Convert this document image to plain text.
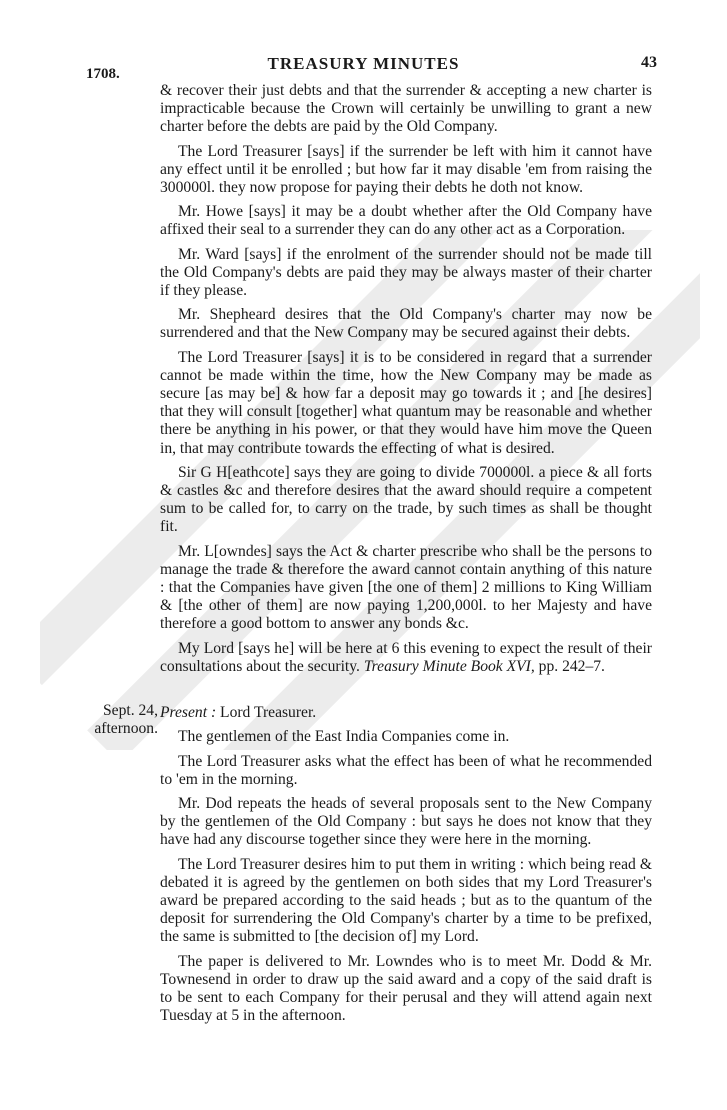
1708.
TREASURY MINUTES	43
Sept. 24,
afternoon.

& recover their just debts and that the surrender & accepting a new charter is impracticable because the Crown will certainly be unwilling to grant a new charter before the debts are paid by the Old Company.

The Lord Treasurer [says] if the surrender be left with him it cannot have any effect until it be enrolled ; but how far it may disable 'em from raising the 300000l. they now propose for paying their debts he doth not know.

Mr. Howe [says] it may be a doubt whether after the Old Company have affixed their seal to a surrender they can do any other act as a Corporation.

Mr. Ward [says] if the enrolment of the surrender should not be made till the Old Company's debts are paid they may be always master of their charter if they please.

Mr. Shepheard desires that the Old Company's charter may now be surrendered and that the New Company may be secured against their debts.

The Lord Treasurer [says] it is to be considered in regard that a surrender cannot be made within the time, how the New Company may be made as secure [as may be] & how far a deposit may go towards it ; and [he desires] that they will consult [together] what quantum may be reasonable and whether there be anything in his power, or that they would have him move the Queen in, that may contribute towards the effecting of what is desired.

Sir G H[eathcote] says they are going to divide 700000l. a piece & all forts & castles &c and therefore desires that the award should require a competent sum to be called for, to carry on the trade, by such times as shall be thought fit.

Mr. L[owndes] says the Act & charter prescribe who shall be the persons to manage the trade & therefore the award cannot contain anything of this nature : that the Companies have given [the one of them] 2 millions to King William & [the other of them] are now paying 1,200,000l. to her Majesty and have therefore a good bottom to answer any bonds &c.

My Lord [says he] will be here at 6 this evening to expect the result of their consultations about the security. Treasury Minute Book XVI, pp. 242–7.

Present : Lord Treasurer.

The gentlemen of the East India Companies come in.

The Lord Treasurer asks what the effect has been of what he recommended to 'em in the morning.

Mr. Dod repeats the heads of several proposals sent to the New Company by the gentlemen of the Old Company : but says he does not know that they have had any discourse together since they were here in the morning.

The Lord Treasurer desires him to put them in writing : which being read & debated it is agreed by the gentlemen on both sides that my Lord Treasurer's award be prepared according to the said heads ; but as to the quantum of the deposit for surrendering the Old Company's charter by a time to be prefixed, the same is submitted to [the decision of] my Lord.

The paper is delivered to Mr. Lowndes who is to meet Mr. Dodd & Mr. Townesend in order to draw up the said award and a copy of the said draft is to be sent to each Company for their perusal and they will attend again next Tuesday at 5 in the afternoon.
